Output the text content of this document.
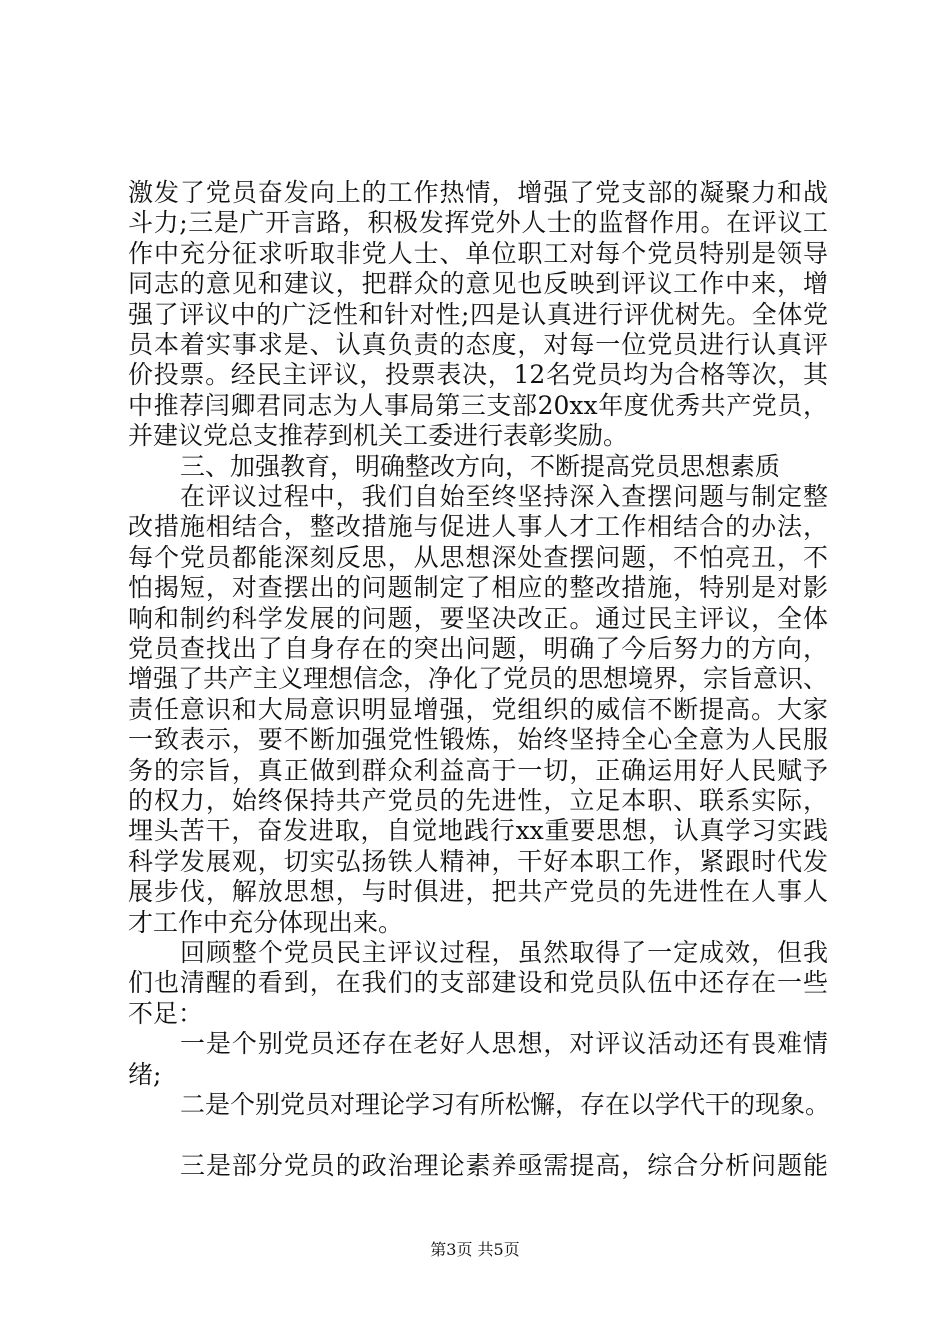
激发了党员奋发向上的工作热情，增强了党支部的凝聚力和战
斗力;三是广开言路，积极发挥党外人士的监督作用。在评议工
作中充分征求听取非党人士、单位职工对每个党员特别是领导
同志的意见和建议，把群众的意见也反映到评议工作中来，增
强了评议中的广泛性和针对性;四是认真进行评优树先。全体党
员本着实事求是、认真负责的态度，对每一位党员进行认真评
价投票。经民主评议，投票表决，12名党员均为合格等次，其
中推荐闫卿君同志为人事局第三支部20xx年度优秀共产党员，
并建议党总支推荐到机关工委进行表彰奖励。
三、加强教育，明确整改方向，不断提高党员思想素质
在评议过程中，我们自始至终坚持深入查摆问题与制定整
改措施相结合，整改措施与促进人事人才工作相结合的办法，
每个党员都能深刻反思，从思想深处查摆问题，不怕亮丑，不
怕揭短，对查摆出的问题制定了相应的整改措施，特别是对影
响和制约科学发展的问题，要坚决改正。通过民主评议，全体
党员查找出了自身存在的突出问题，明确了今后努力的方向，
增强了共产主义理想信念，净化了党员的思想境界，宗旨意识、
责任意识和大局意识明显增强，党组织的威信不断提高。大家
一致表示，要不断加强党性锻炼，始终坚持全心全意为人民服
务的宗旨，真正做到群众利益高于一切，正确运用好人民赋予
的权力，始终保持共产党员的先进性，立足本职、联系实际，
埋头苦干，奋发进取，自觉地践行xx重要思想，认真学习实践
科学发展观，切实弘扬铁人精神，干好本职工作，紧跟时代发
展步伐，解放思想，与时俱进，把共产党员的先进性在人事人
才工作中充分体现出来。
回顾整个党员民主评议过程，虽然取得了一定成效，但我
们也清醒的看到，在我们的支部建设和党员队伍中还存在一些
不足：
一是个别党员还存在老好人思想，对评议活动还有畏难情
绪;
二是个别党员对理论学习有所松懈，存在以学代干的现象。
三是部分党员的政治理论素养亟需提高，综合分析问题能
第3页 共5页
